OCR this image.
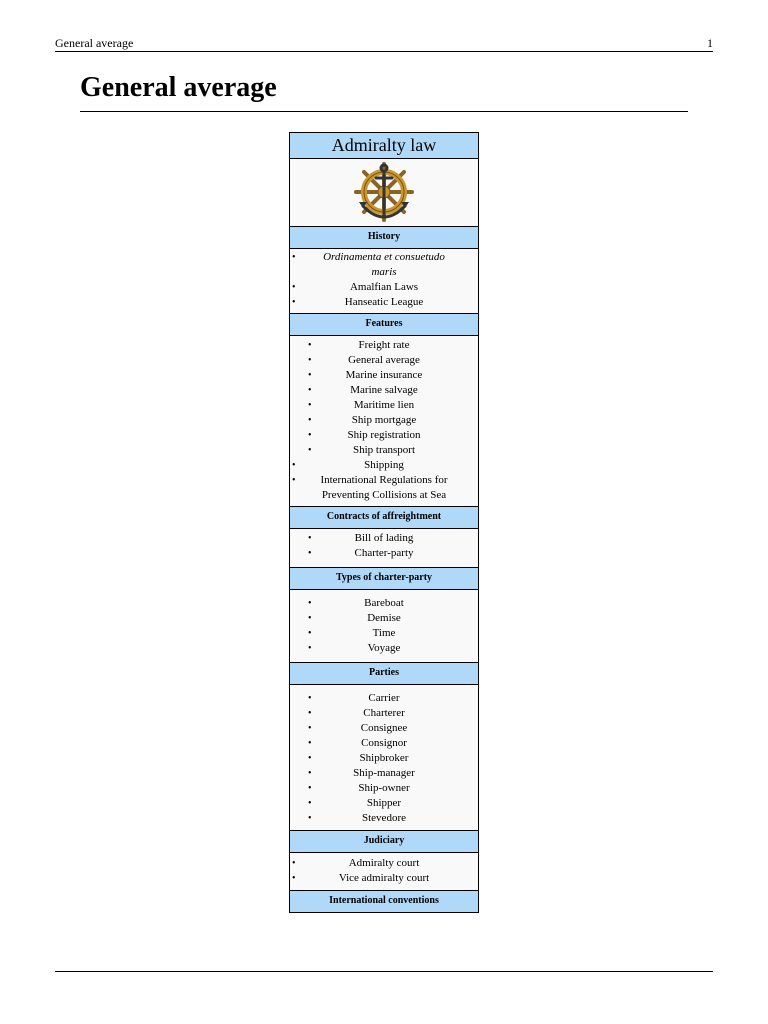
General average	1
General average
Admiralty law
History
•	Ordinamenta et consuetudo maris
•	Amalfian Laws
•	Hanseatic League
Features
•	Freight rate
•	General average
•	Marine insurance
•	Marine salvage
•	Maritime lien
•	Ship mortgage
•	Ship registration
•	Ship transport
•	Shipping
• International Regulations for Preventing Collisions at Sea
Contracts of affreightment
•	Bill of lading
•	Charter-party
Types of charter-party
•	Bareboat
•	Demise
•	Time
•	Voyage
Parties
•	Carrier
•	Charterer
•	Consignee
•	Consignor
•	Shipbroker
•	Ship-manager
•	Ship-owner
•	Shipper
•	Stevedore
Judiciary
•	Admiralty court
•	Vice admiralty court
International conventions
